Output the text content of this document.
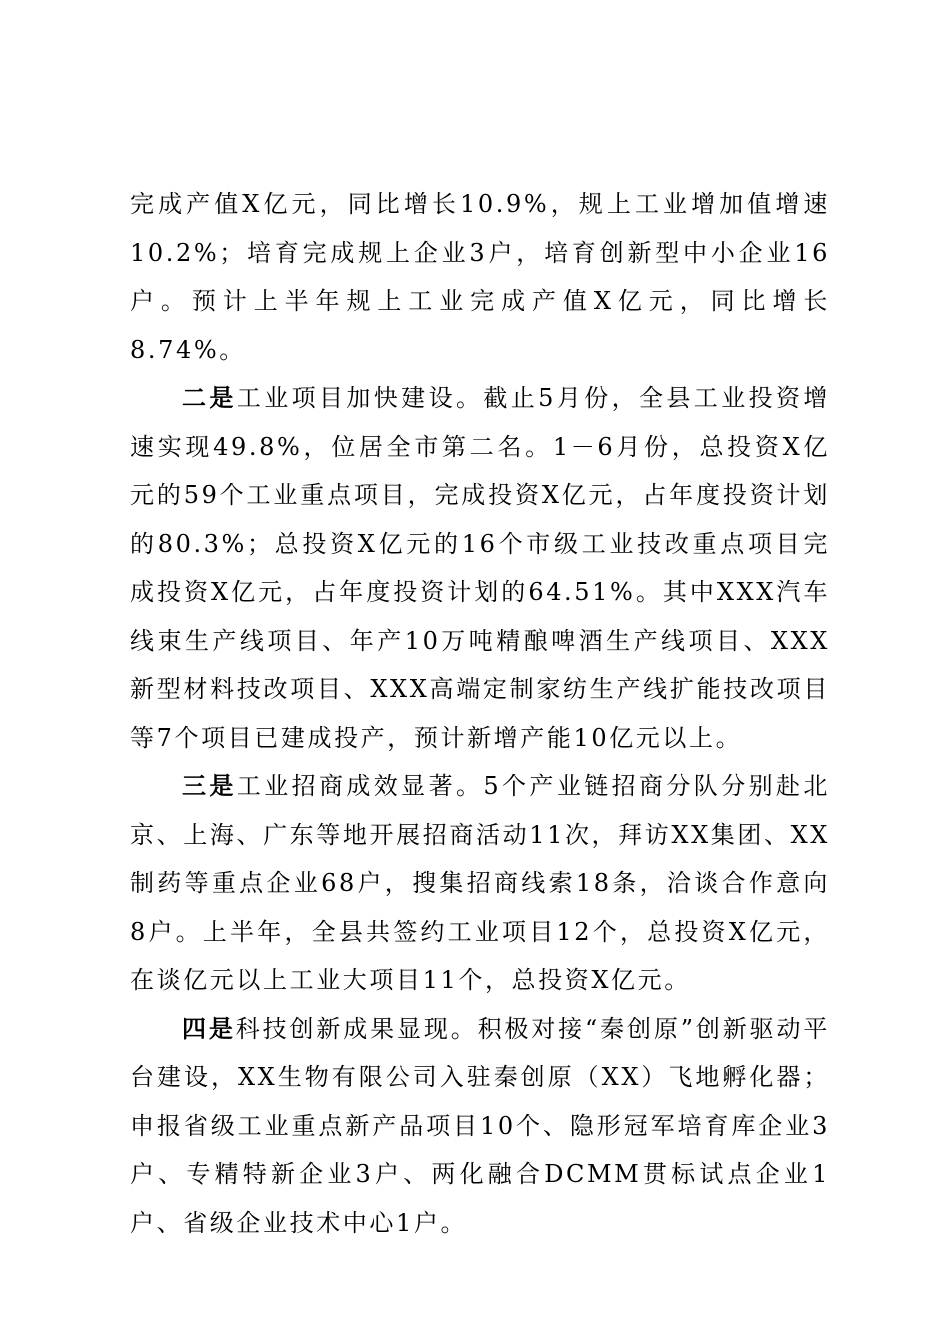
完成产值X亿元，同比增长10.9%，规上工业增加值增速10.2%；培育完成规上企业3户，培育创新型中小企业16户。预计上半年规上工业完成产值X亿元，同比增长8.74%。

二是工业项目加快建设。截止5月份，全县工业投资增速实现49.8%，位居全市第二名。1－6月份，总投资X亿元的59个工业重点项目，完成投资X亿元，占年度投资计划的80.3%；总投资X亿元的16个市级工业技改重点项目完成投资X亿元，占年度投资计划的64.51%。其中XXX汽车线束生产线项目、年产10万吨精酿啤酒生产线项目、XXX新型材料技改项目、XXX高端定制家纺生产线扩能技改项目等7个项目已建成投产，预计新增产能10亿元以上。

三是工业招商成效显著。5个产业链招商分队分别赴北京、上海、广东等地开展招商活动11次，拜访XX集团、XX制药等重点企业68户，搜集招商线索18条，洽谈合作意向8户。上半年，全县共签约工业项目12个，总投资X亿元，在谈亿元以上工业大项目11个，总投资X亿元。

四是科技创新成果显现。积极对接“秦创原”创新驱动平台建设，XX生物有限公司入驻秦创原（XX）飞地孵化器；申报省级工业重点新产品项目10个、隐形冠军培育库企业3户、专精特新企业3户、两化融合DCMM贯标试点企业1户、省级企业技术中心1户。
